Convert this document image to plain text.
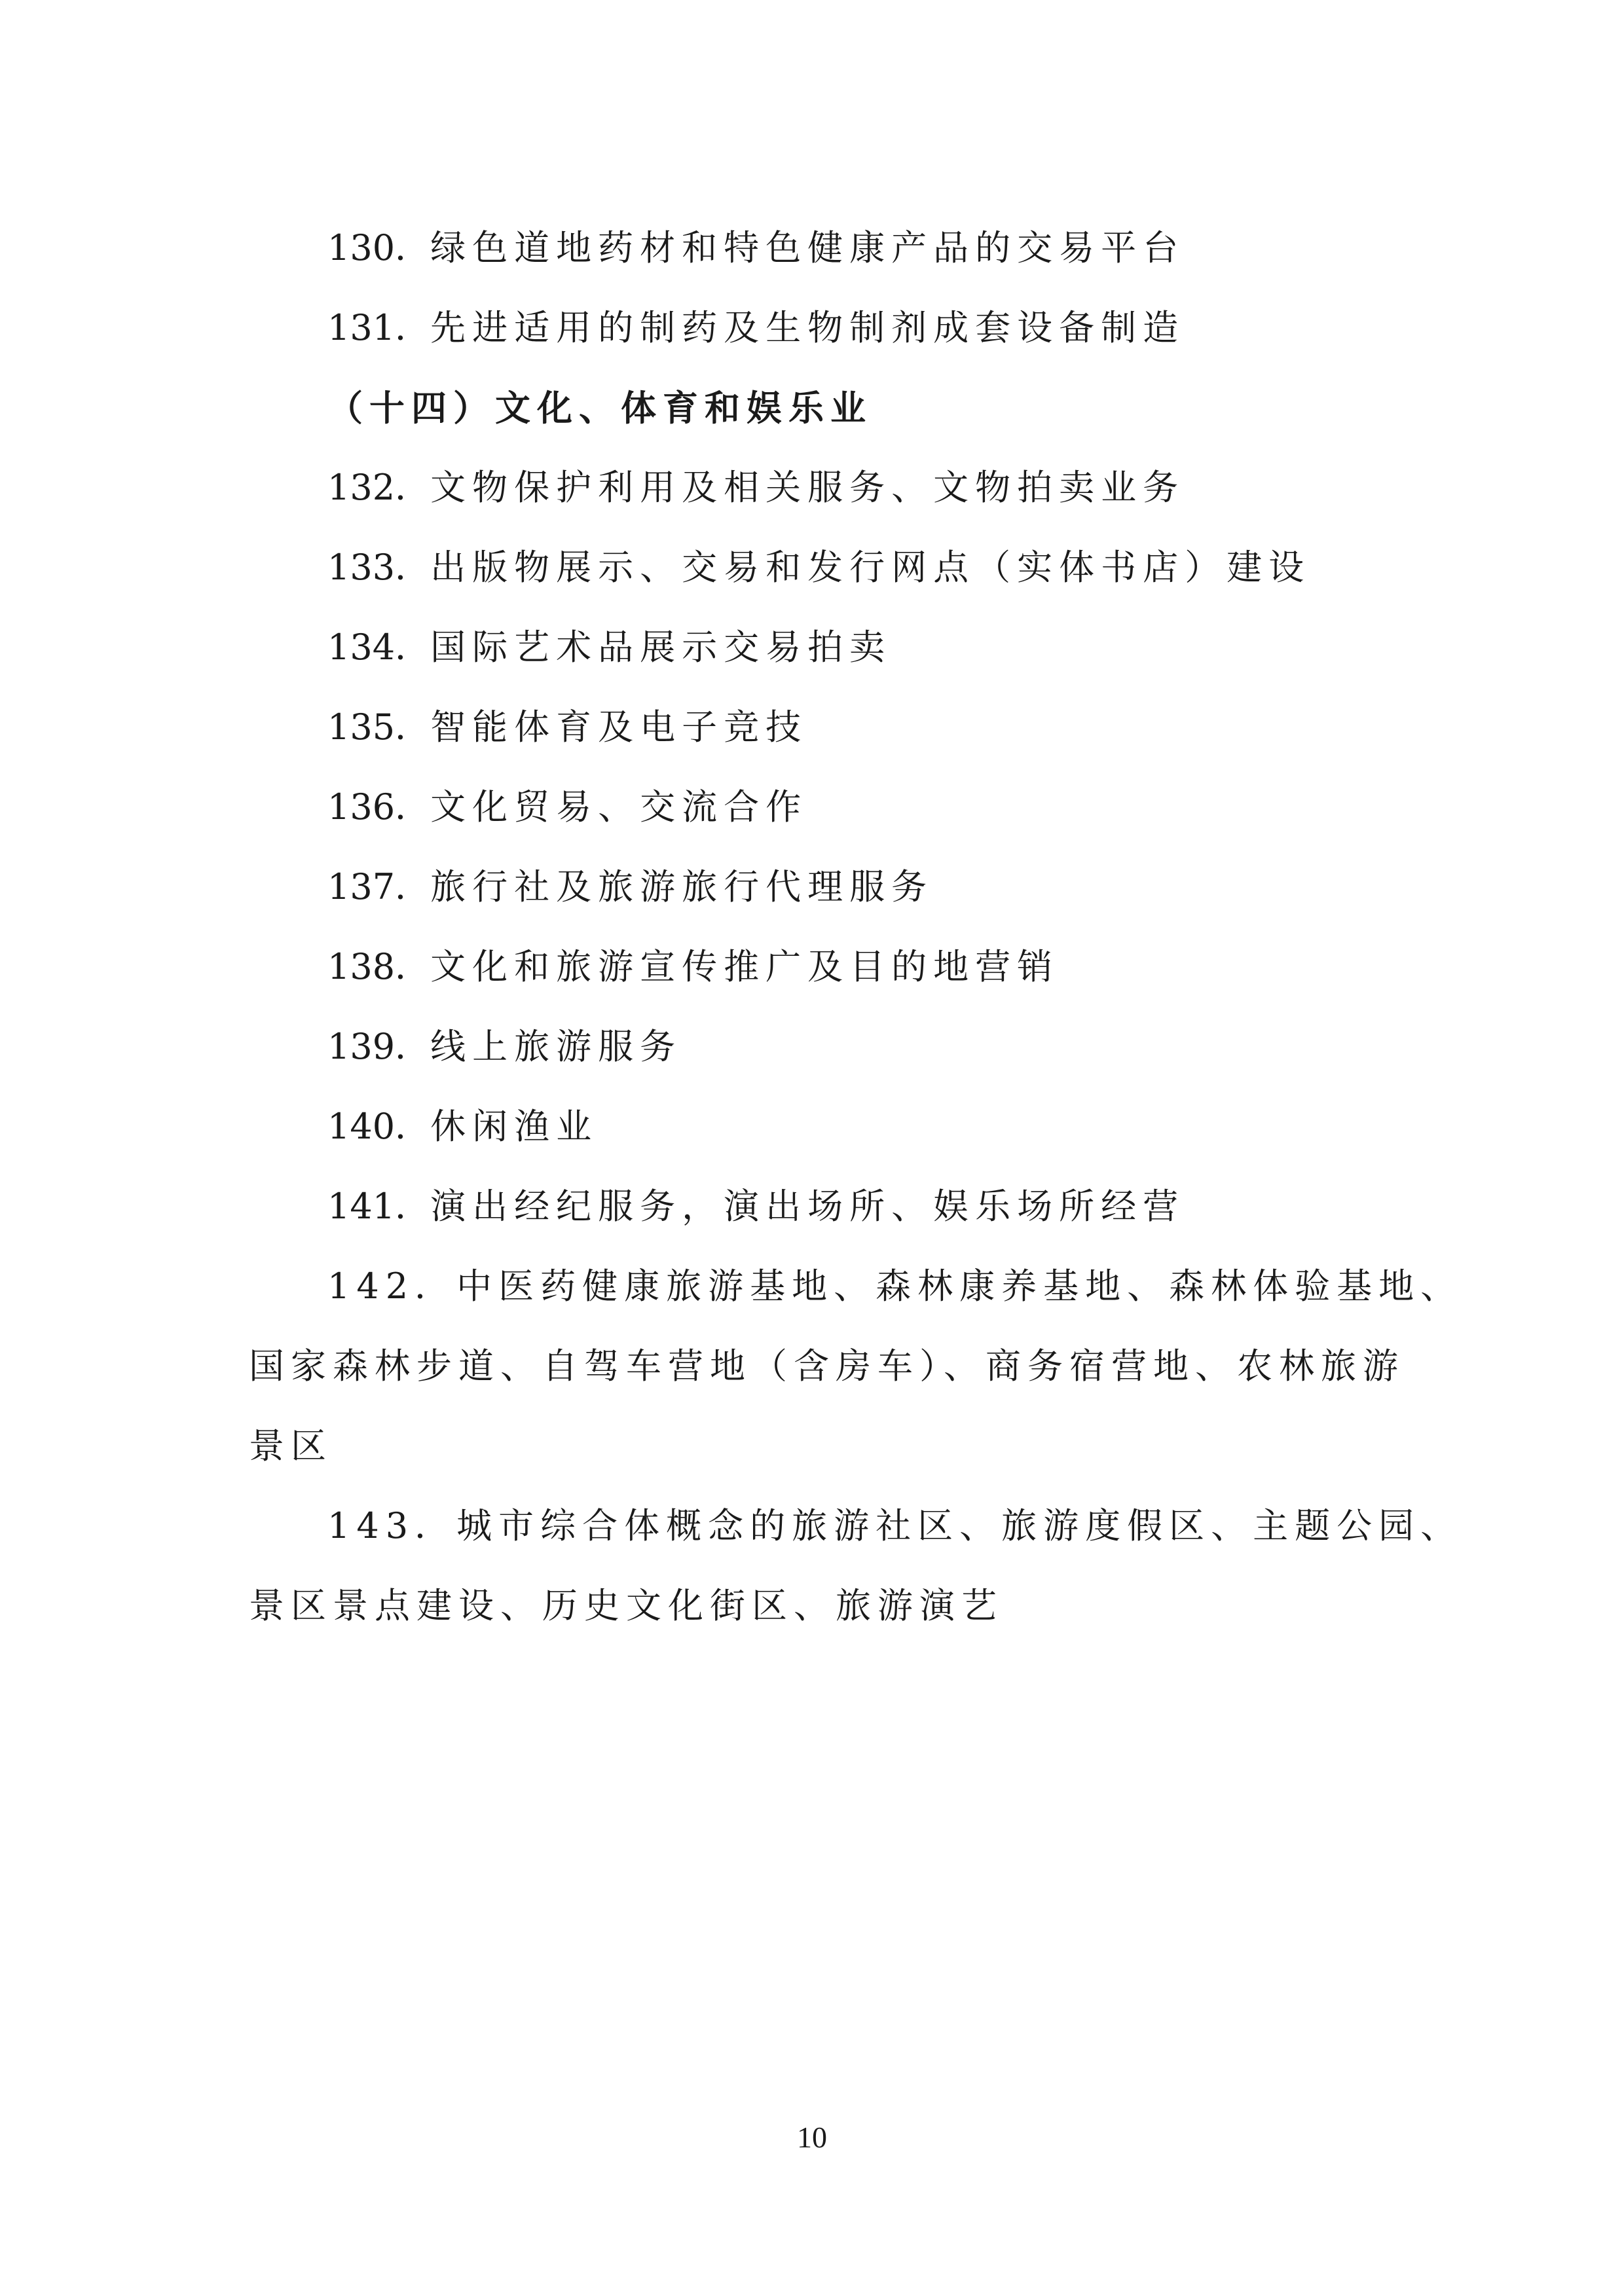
130．绿色道地药材和特色健康产品的交易平台

131．先进适用的制药及生物制剂成套设备制造

（十四）文化、体育和娱乐业

132．文物保护利用及相关服务、文物拍卖业务

133．出版物展示、交易和发行网点（实体书店）建设

134．国际艺术品展示交易拍卖

135．智能体育及电子竞技

136．文化贸易、交流合作

137．旅行社及旅游旅行代理服务

138．文化和旅游宣传推广及目的地营销

139．线上旅游服务

140．休闲渔业

141．演出经纪服务，演出场所、娱乐场所经营

142．中医药健康旅游基地、森林康养基地、森林体验基地、
国家森林步道、自驾车营地（含房车）、商务宿营地、农林旅游
景区
143．城市综合体概念的旅游社区、旅游度假区、主题公园、
景区景点建设、历史文化街区、旅游演艺
10
